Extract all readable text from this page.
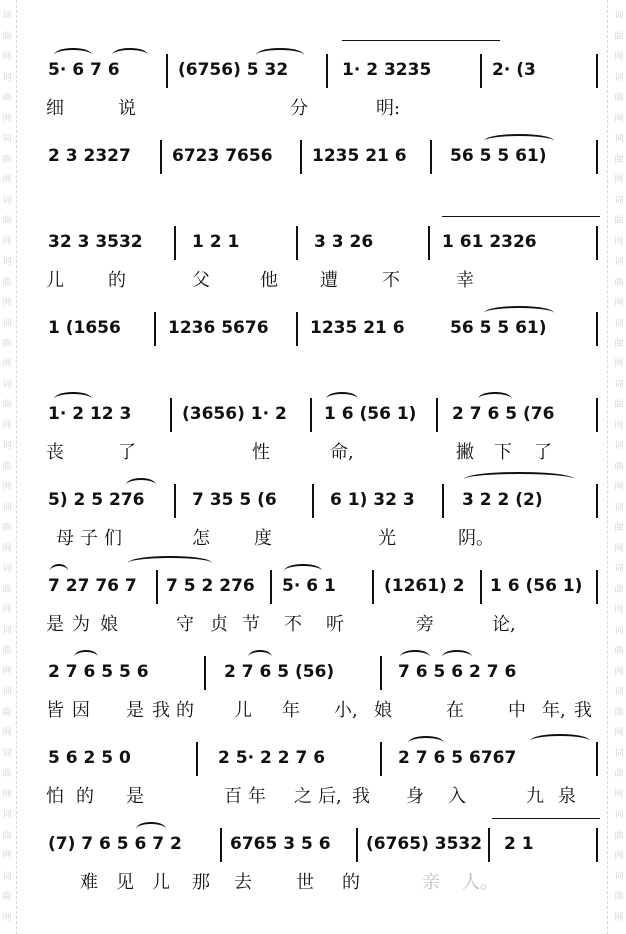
词
曲
网
词
曲
网
词
曲
网
词
曲
网
词
曲
网
词
曲
网
词
曲
网
词
曲
网
词
曲
网
词
曲
网
词
曲
网
词
曲
网
词
曲
网
词
曲
网
词
曲
网
词
曲
网
词
曲
网
词
曲
网
词
曲
网
词
曲
网
词
曲
网
词
曲
网
词
曲
网
词
曲
网
词
曲
网
词
曲
网
词
曲
网
词
曲
网
词
曲
网
词
曲
网
5· 6 7 6	(6756) 5 32	1· 2 3235	2· (3
细	说	分	明:
2 3 2327 6723 7656 1235 21 6	56 5 5 61)
32 3 3532	1 2 1	3 3 26	1 61 2326
儿 的	父	他 遭 不	幸
1 (1656	1236 5676 1235 21 6	56 5 5 61)
1· 2 12 3	(3656) 1· 2 1 6 (56 1) 2 7 6 5 (76
丧	了	性	命,	撇 下 了
5) 2 5 276	7 35 5 (6	6 1) 32 3	3 2 2 (2)
母 子 们	怎 度	光	阴。
7 27 76 7 7 5 2 276 5· 6 1	(1261) 2 1 6 (56 1)
是 为 娘	守 贞 节 不 听	旁	论,
2 7 6 5 5 6	2 7 6 5 (56)	7 6 5 6 2 7 6
皆 因 是 我 的 儿 年 小, 娘	在 中 年, 我
5 6 2 5 0	2 5· 2 2 7 6	2 7 6 5 6767
怕 的 是	百 年 之 后, 我 身 入	九 泉
(7) 7 6 5 6 7 2	6765 3 5 6 (6765) 3532 2 1
难 见 儿 那 去 世 的	亲 人。
